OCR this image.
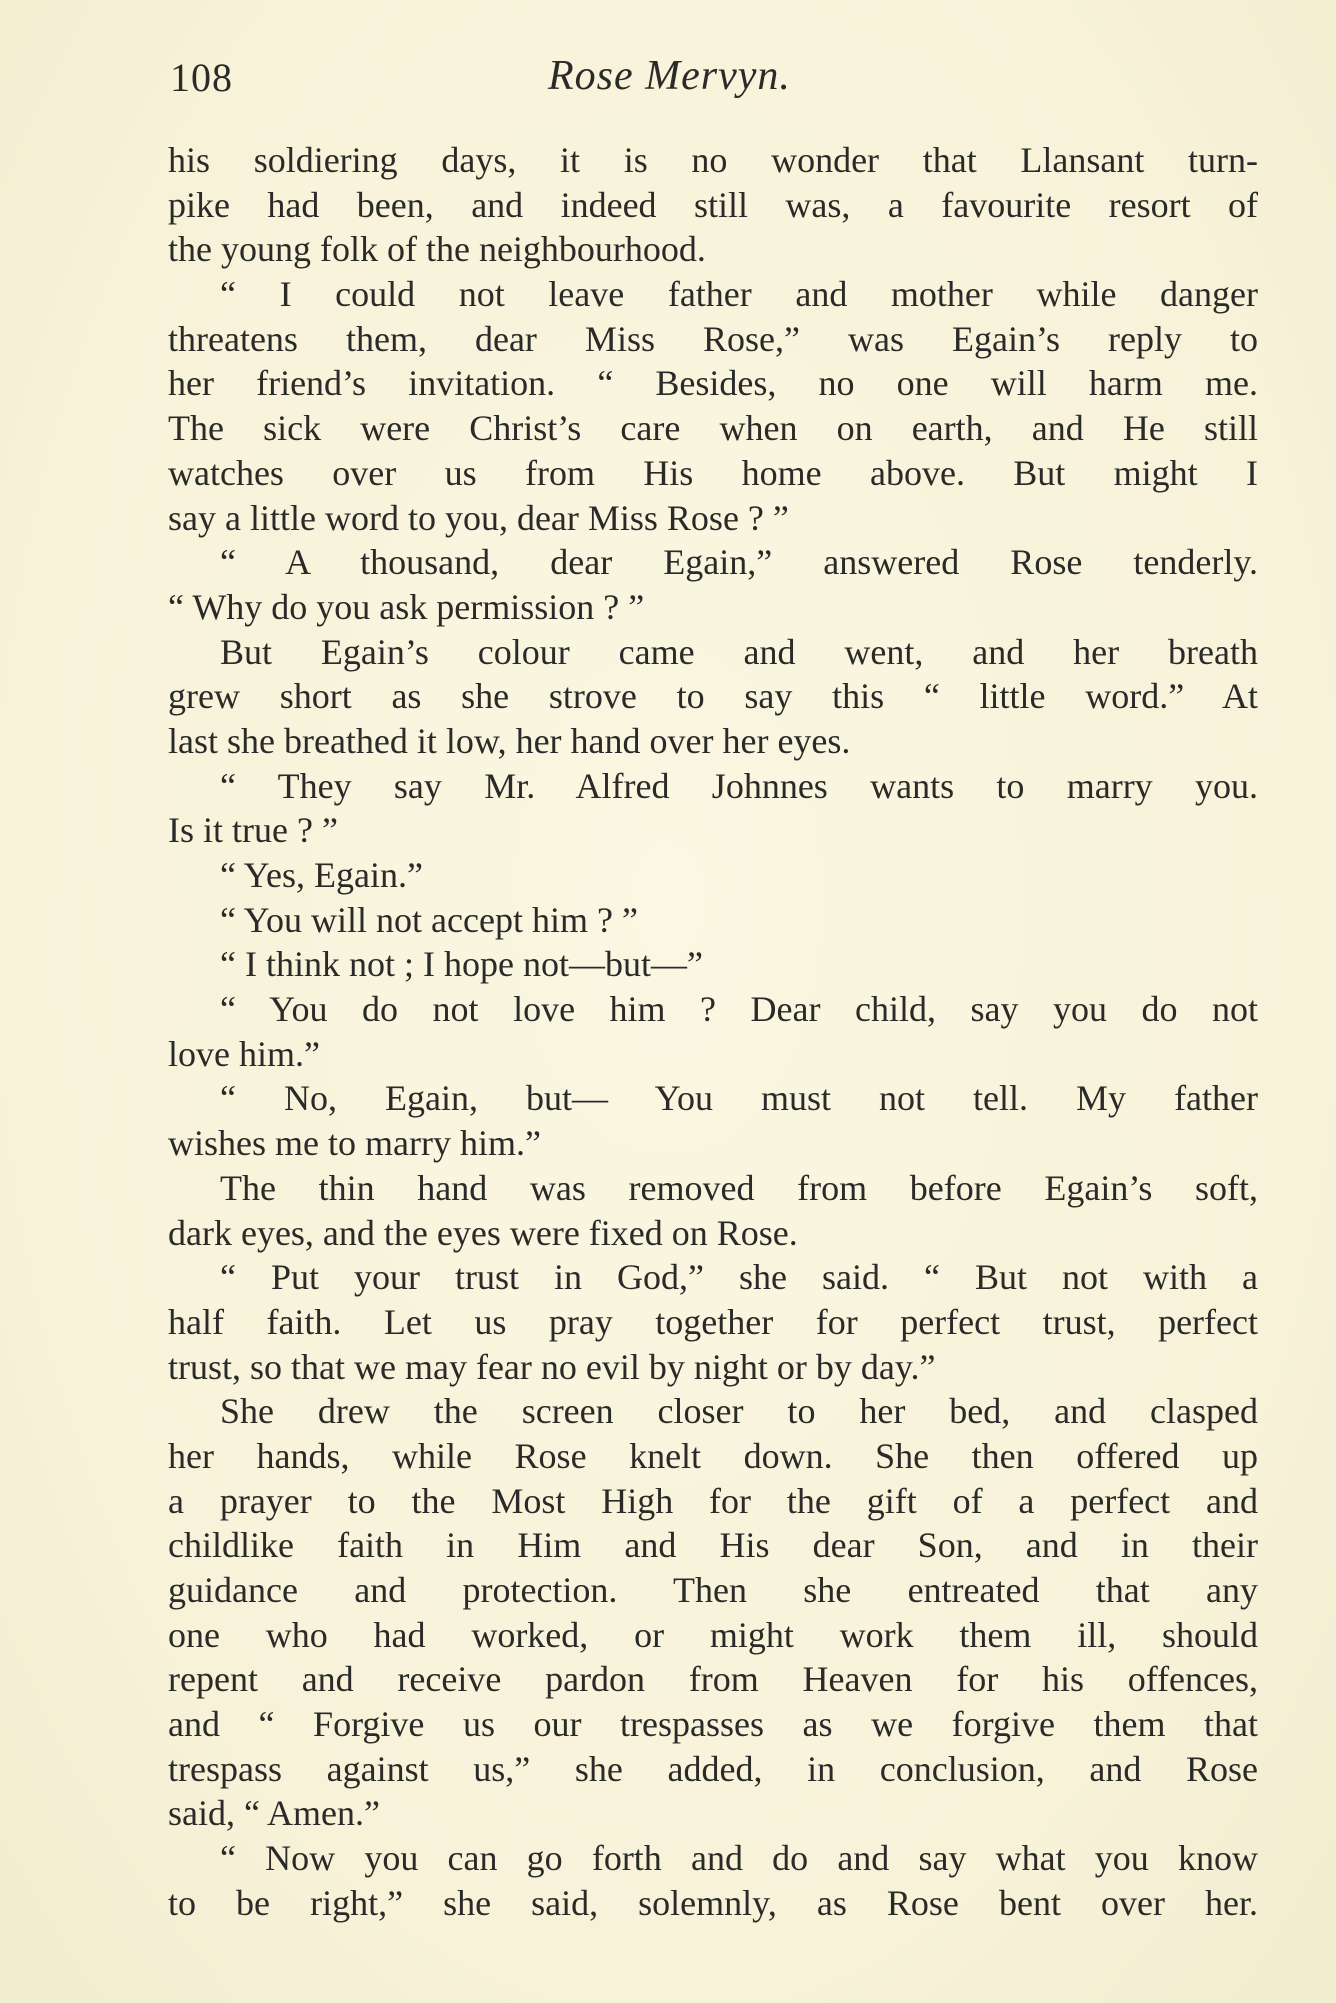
108	Rose Mervyn.
his soldiering days, it is no wonder that Llansant turn-
pike had been, and indeed still was, a favourite resort of
the young folk of the neighbourhood.
“ I could not leave father and mother while danger
threatens them, dear Miss Rose,” was Egain’s reply to
her friend’s invitation. “ Besides, no one will harm me.
The sick were Christ’s care when on earth, and He still
watches over us from His home above. But might I
say a little word to you, dear Miss Rose ? ”
“ A thousand, dear Egain,” answered Rose tenderly.
“ Why do you ask permission ? ”
But Egain’s colour came and went, and her breath
grew short as she strove to say this “ little word.” At
last she breathed it low, her hand over her eyes.
“ They say Mr. Alfred Johnnes wants to marry you.
Is it true ? ”
“ Yes, Egain.”
“ You will not accept him ? ”
“ I think not ; I hope not—but—”
“ You do not love him ? Dear child, say you do not
love him.”
“ No, Egain, but— You must not tell. My father
wishes me to marry him.”
The thin hand was removed from before Egain’s soft,
dark eyes, and the eyes were fixed on Rose.
“ Put your trust in God,” she said. “ But not with a
half faith. Let us pray together for perfect trust, perfect
trust, so that we may fear no evil by night or by day.”
She drew the screen closer to her bed, and clasped
her hands, while Rose knelt down. She then offered up
a prayer to the Most High for the gift of a perfect and
childlike faith in Him and His dear Son, and in their
guidance and protection. Then she entreated that any
one who had worked, or might work them ill, should
repent and receive pardon from Heaven for his offences,
and “ Forgive us our trespasses as we forgive them that
trespass against us,” she added, in conclusion, and Rose
said, “ Amen.”
“ Now you can go forth and do and say what you know
to be right,” she said, solemnly, as Rose bent over her.
